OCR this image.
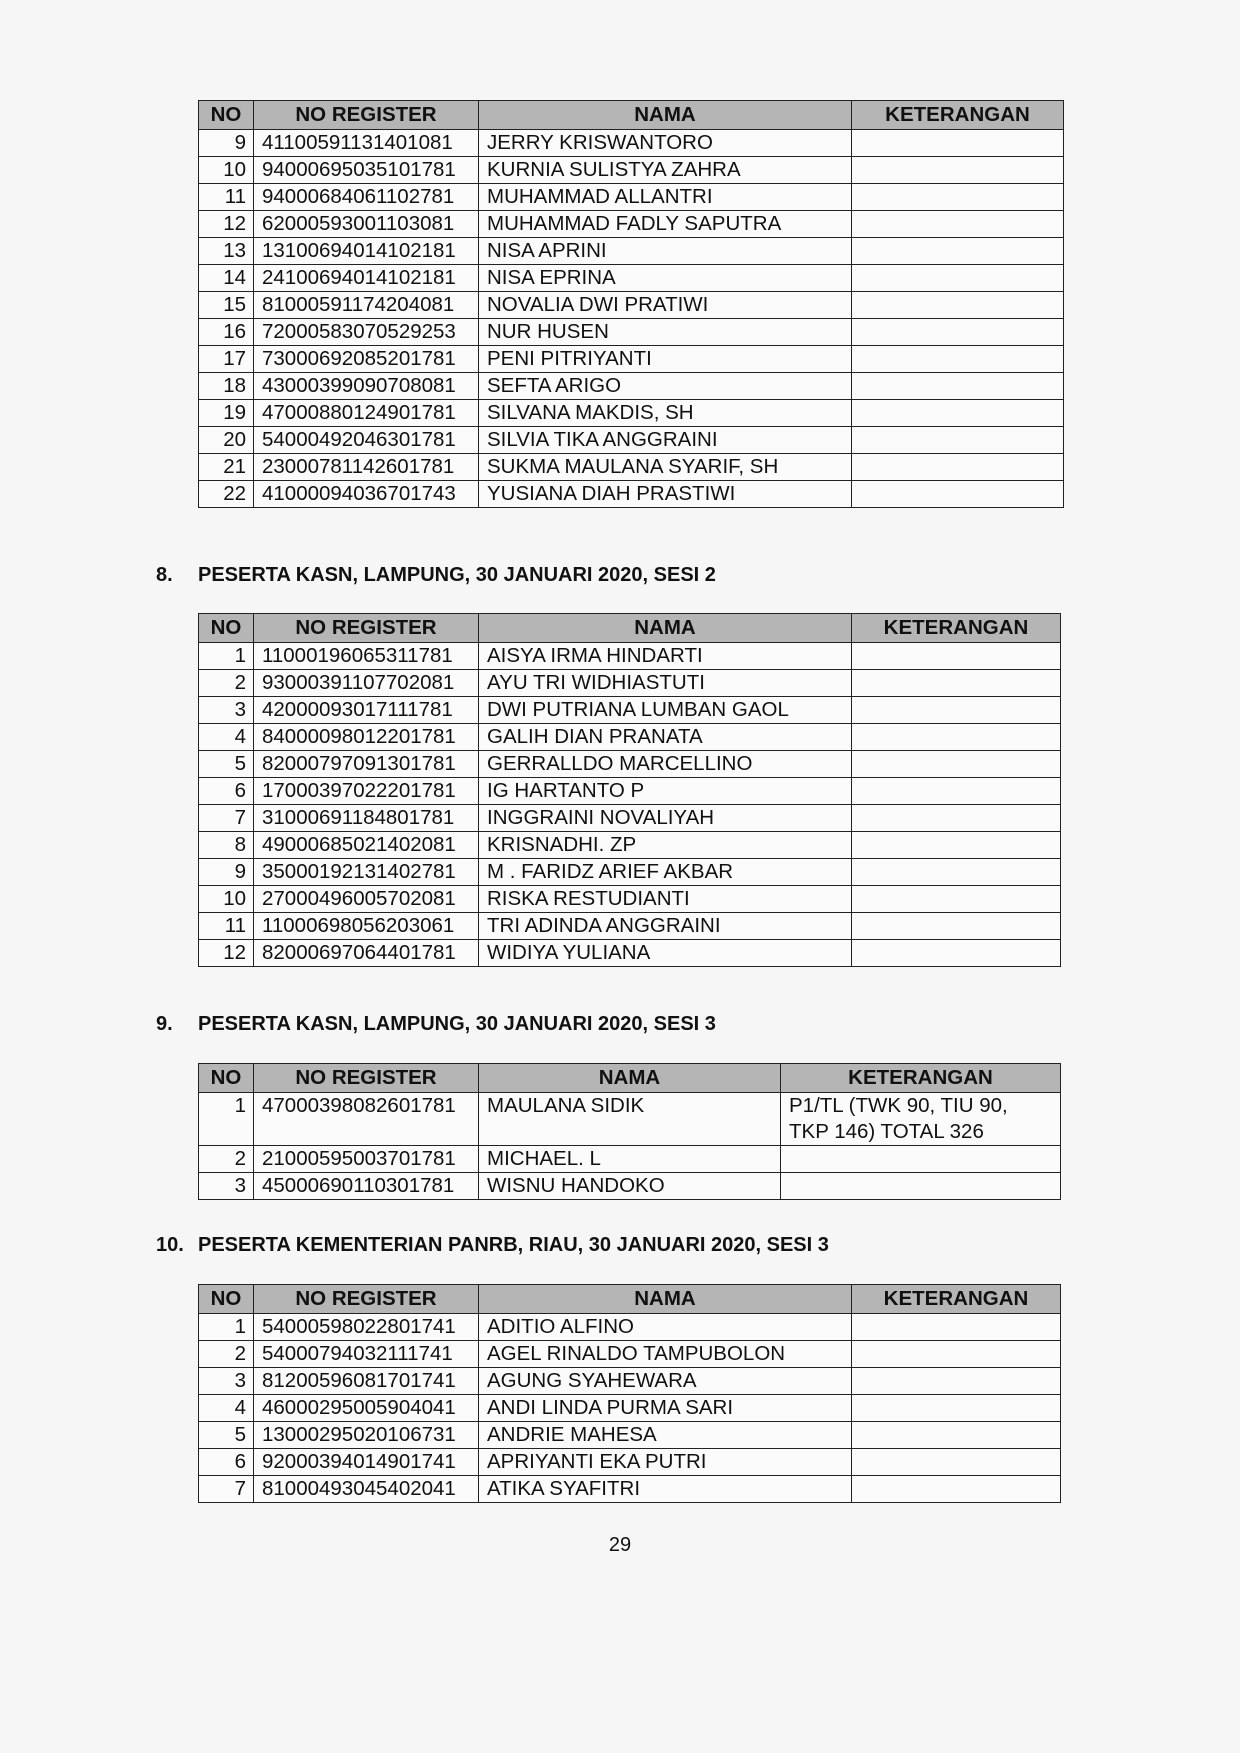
NO	NO REGISTER	NAMA	KETERANGAN
9	41100591131401081	JERRY KRISWANTORO	
10	94000695035101781	KURNIA SULISTYA ZAHRA	
11	94000684061102781	MUHAMMAD ALLANTRI	
12	62000593001103081	MUHAMMAD FADLY SAPUTRA	
13	13100694014102181	NISA APRINI	
14	24100694014102181	NISA EPRINA	
15	81000591174204081	NOVALIA DWI PRATIWI	
16	72000583070529253	NUR HUSEN	
17	73000692085201781	PENI PITRIYANTI	
18	43000399090708081	SEFTA ARIGO	
19	47000880124901781	SILVANA MAKDIS, SH	
20	54000492046301781	SILVIA TIKA ANGGRAINI	
21	23000781142601781	SUKMA MAULANA SYARIF, SH	
22	41000094036701743	YUSIANA DIAH PRASTIWI	
8. PESERTA KASN, LAMPUNG, 30 JANUARI 2020, SESI 2
NO	NO REGISTER	NAMA	KETERANGAN
1	11000196065311781	AISYA IRMA HINDARTI	
2	93000391107702081	AYU TRI WIDHIASTUTI	
3	42000093017111781	DWI PUTRIANA LUMBAN GAOL	
4	84000098012201781	GALIH DIAN PRANATA	
5	82000797091301781	GERRALLDO MARCELLINO	
6	17000397022201781	IG HARTANTO P	
7	31000691184801781	INGGRAINI NOVALIYAH	
8	49000685021402081	KRISNADHI. ZP	
9	35000192131402781	M . FARIDZ ARIEF AKBAR	
10	27000496005702081	RISKA RESTUDIANTI	
11	11000698056203061	TRI ADINDA ANGGRAINI	
12	82000697064401781	WIDIYA YULIANA	
9. PESERTA KASN, LAMPUNG, 30 JANUARI 2020, SESI 3
NO	NO REGISTER	NAMA	KETERANGAN
1	47000398082601781	MAULANA SIDIK	P1/TL (TWK 90, TIU 90, TKP 146) TOTAL 326
2	21000595003701781	MICHAEL. L	
3	45000690110301781	WISNU HANDOKO	
10. PESERTA KEMENTERIAN PANRB, RIAU, 30 JANUARI 2020, SESI 3
NO	NO REGISTER	NAMA	KETERANGAN
1	54000598022801741	ADITIO ALFINO	
2	54000794032111741	AGEL RINALDO TAMPUBOLON	
3	81200596081701741	AGUNG SYAHEWARA	
4	46000295005904041	ANDI LINDA PURMA SARI	
5	13000295020106731	ANDRIE MAHESA	
6	92000394014901741	APRIYANTI EKA PUTRI	
7	81000493045402041	ATIKA SYAFITRI	
29
